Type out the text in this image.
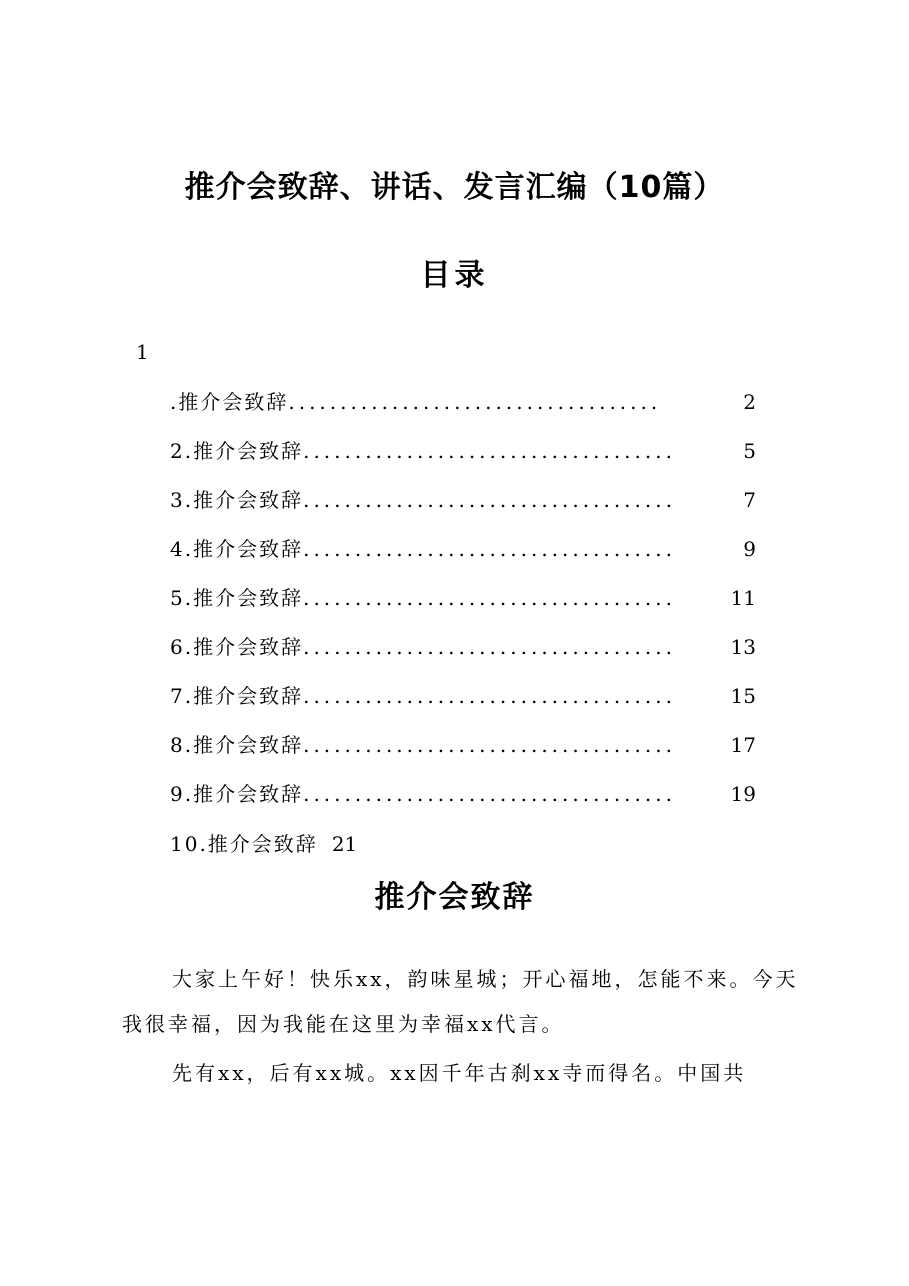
推介会致辞、讲话、发言汇编（10篇）
目录
1
.推介会致辞 ....................................	2
2.推介会致辞 ....................................	5
3.推介会致辞 ....................................	7
4.推介会致辞 ....................................	9
5.推介会致辞 ....................................	11
6.推介会致辞 ....................................	13
7.推介会致辞 ....................................	15
8.推介会致辞 ....................................	17
9.推介会致辞 ....................................	19
10.推介会致辞 21
推介会致辞

大家上午好！快乐xx，韵味星城；开心福地，怎能不来。今天我很幸福，因为我能在这里为幸福xx代言。

先有xx，后有xx城。xx因千年古刹xx寺而得名。中国共
